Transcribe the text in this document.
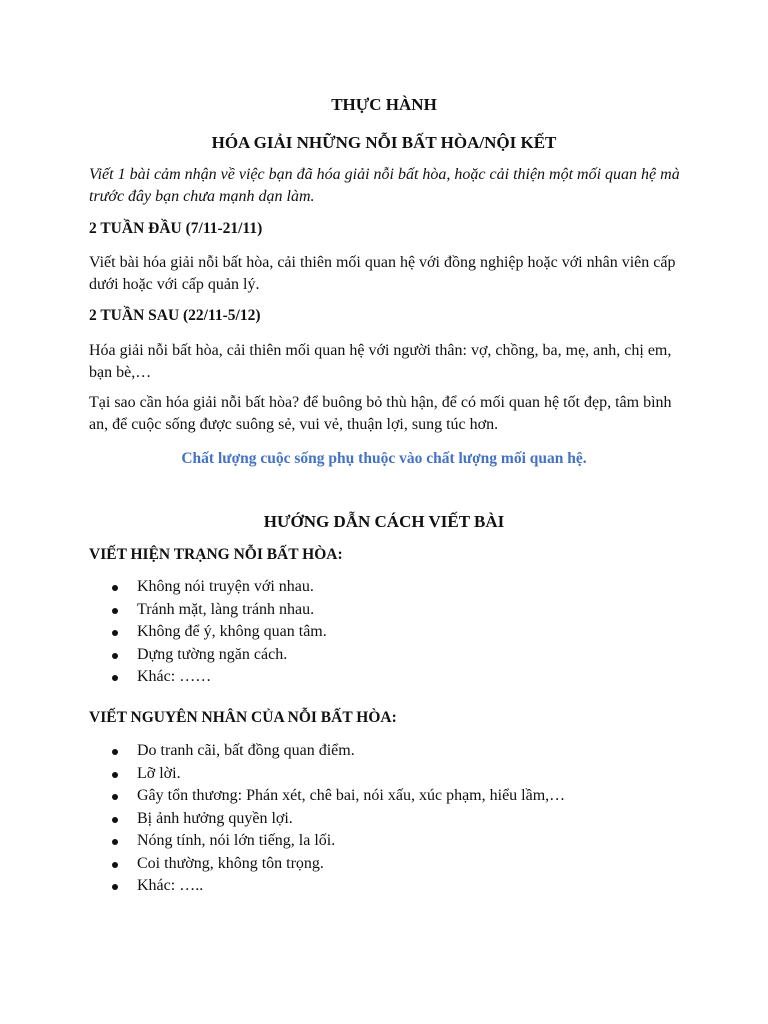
THỰC HÀNH
HÓA GIẢI NHỮNG NỖI BẤT HÒA/NỘI KẾT

Viết 1 bài cảm nhận về việc bạn đã hóa giải nỗi bất hòa, hoặc cải thiện một mối quan hệ mà trước đây bạn chưa mạnh dạn làm.

2 TUẦN ĐẦU (7/11-21/11)

Viết bài hóa giải nỗi bất hòa, cải thiên mối quan hệ với đồng nghiệp hoặc với nhân viên cấp dưới hoặc với cấp quản lý.

2 TUẦN SAU (22/11-5/12)

Hóa giải nỗi bất hòa, cải thiên mối quan hệ với người thân: vợ, chồng, ba, mẹ, anh, chị em, bạn bè,…

Tại sao cần hóa giải nỗi bất hòa? để buông bỏ thù hận, để có mối quan hệ tốt đẹp, tâm bình an, để cuộc sống được suông sẻ, vui vẻ, thuận lợi, sung túc hơn.

Chất lượng cuộc sống phụ thuộc vào chất lượng mối quan hệ.
HƯỚNG DẪN CÁCH VIẾT BÀI

VIẾT HIỆN TRẠNG NỖI BẤT HÒA:

Không nói truyện với nhau.
Tránh mặt, làng tránh nhau.
Không để ý, không quan tâm.
Dựng tường ngăn cách.
Khác: ……

VIẾT NGUYÊN NHÂN CỦA NỖI BẤT HÒA:

Do tranh cãi, bất đồng quan điểm.
Lỡ lời.
Gây tổn thương: Phán xét, chê bai, nói xấu, xúc phạm, hiểu lầm,…
Bị ảnh hưởng quyền lợi.
Nóng tính, nói lớn tiếng, la lối.
Coi thường, không tôn trọng.
Khác: …..
